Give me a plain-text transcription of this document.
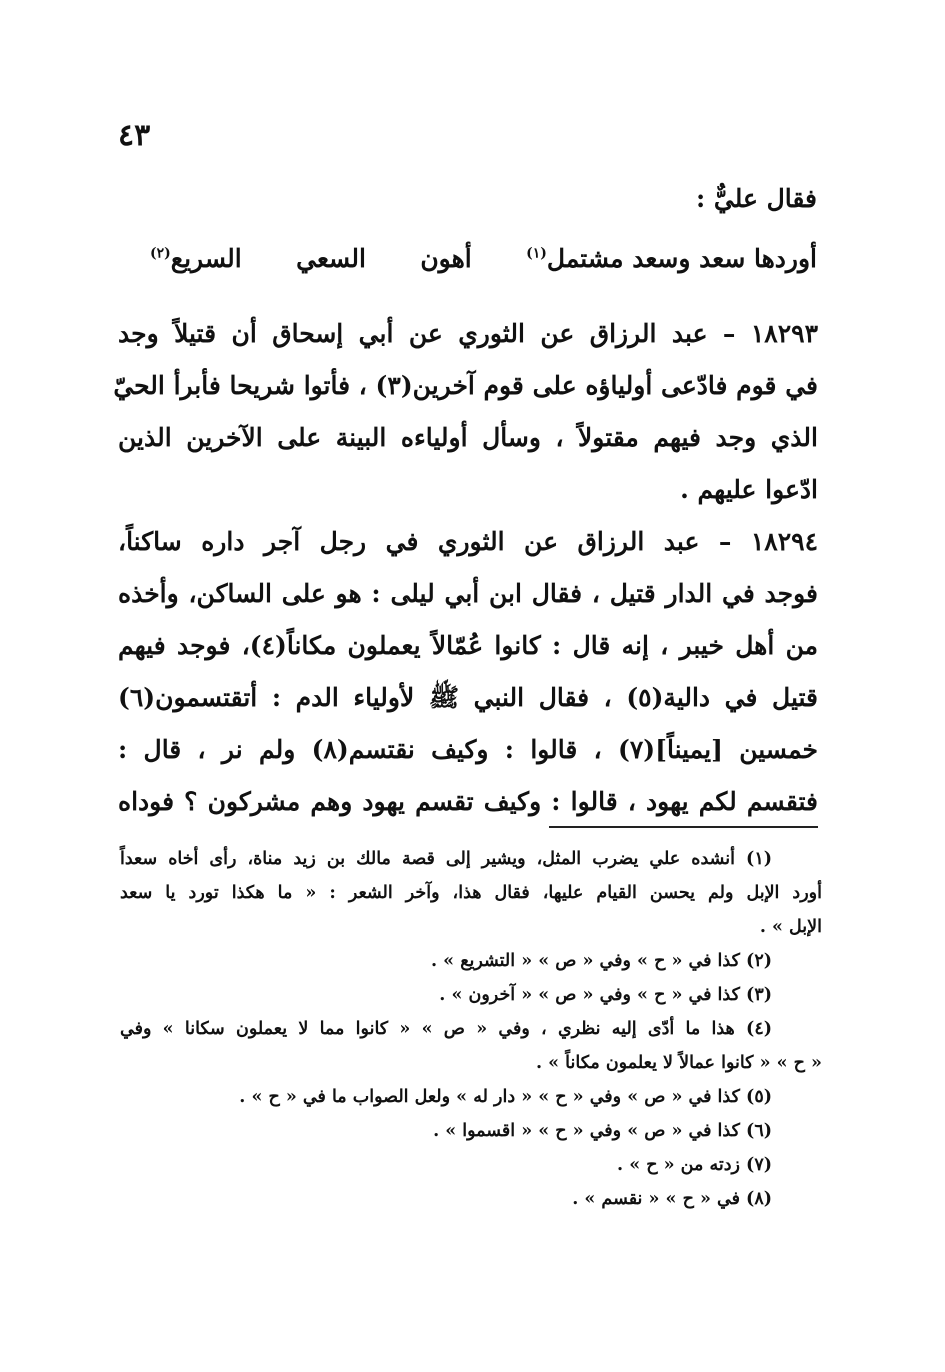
٤٣
فقال عليٌّ :
أوردها سعد وسعد مشتمل$^{(١)}$
أهون
السعي
السريع$^{(٢)}$
١٨٢٩٣ – عبد الرزاق عن الثوري عن أبي إسحاق أن قتيلاً وجد
في قوم فادّعى أولياؤه على قوم آخرين(٣) ، فأتوا شريحا فأبرأ الحيّ
الذي وجد فيهم مقتولاً ، وسأل أولياءه البينة على الآخرين الذين
ادّعوا عليهم .
١٨٢٩٤ – عبد الرزاق عن الثوري في رجل آجر داره ساكناً،
فوجد في الدار قتيل ، فقال ابن أبي ليلى : هو على الساكن، وأخذه
من أهل خيبر ، إنه قال : كانوا عُمّالاً يعملون مكاناً(٤)، فوجد فيهم
قتيل في دالية(٥) ، فقال النبي ﷺ لأولياء الدم : أتقتسمون(٦)
خمسين [يميناً](٧) ، قالوا : وكيف نقتسم(٨) ولم نر ، قال :
فتقسم لكم يهود ، قالوا : وكيف تقسم يهود وهم مشركون ؟ فوداه
(١) أنشده علي يضرب المثل، ويشير إلى قصة مالك بن زيد مناة، رأى أخاه سعداً
أورد الإبل ولم يحسن القيام عليها، فقال هذا، وآخر الشعر : « ما هكذا تورد يا سعد
الإبل » .
(٢) كذا في « ح » وفي « ص » « التشريع » .
(٣) كذا في « ح » وفي « ص » « آخرون » .
(٤) هذا ما أدّى إليه نظري ، وفي « ص » « كانوا مما لا يعملون سكانا » وفي
« ح » « كانوا عمالاً لا يعلمون مكاناً » .
(٥) كذا في « ص » وفي « ح » « دار له » ولعل الصواب ما في « ح » .
(٦) كذا في « ص » وفي « ح » « اقسموا » .
(٧) زدته من « ح » .
(٨) في « ح » « نقسم » .
